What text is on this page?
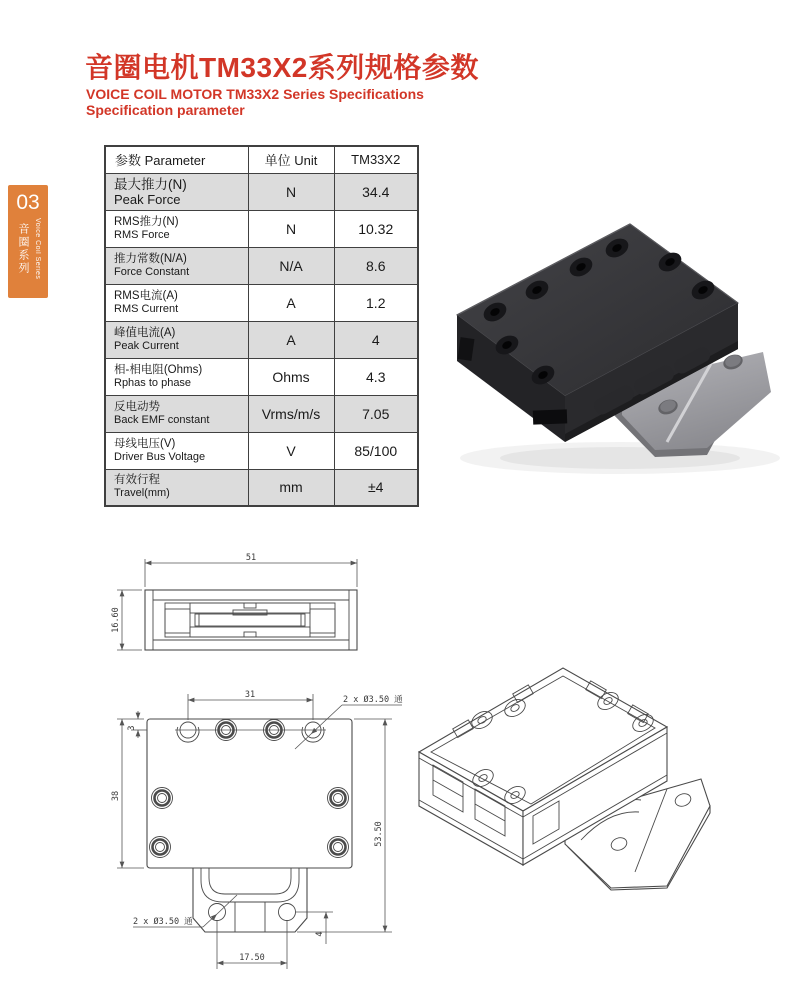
03
音圈系列 Voice Coil Series
音圈电机TM33X2系列规格参数
VOICE COIL MOTOR TM33X2 Series Specifications
Specification parameter
参数 Parameter	单位 Unit	TM33X2

最大推力(N)
Peak Force	N	34.4

RMS推力(N)
RMS Force	N	10.32

推力常数(N/A)
Force Constant	N/A	8.6

RMS电流(A)
RMS Current	A	1.2

峰值电流(A)
Peak Current	A	4

相-相电阻(Ohms)
Rphas to phase	Ohms	4.3

反电动势
Back EMF constant	Vrms/m/s	7.05

母线电压(V)
Driver Bus Voltage	V	85/100

有效行程
Travel(mm)	mm	±4
51
16.60
31	2 x Ø3.50 通
3
38
53.50
17.50
4
2 x Ø3.50 通
